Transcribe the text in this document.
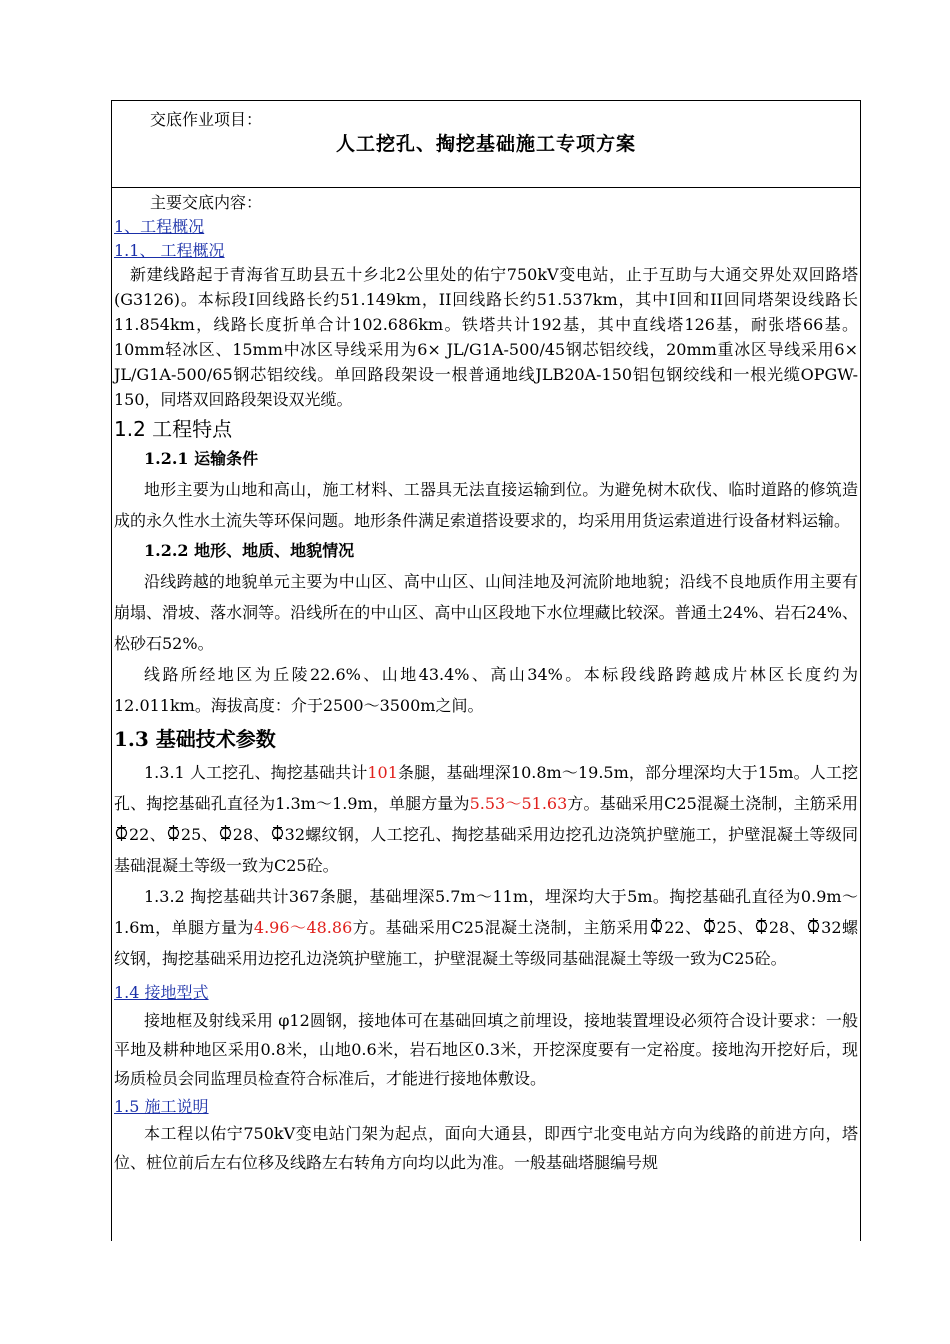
交底作业项目：
人工挖孔、掏挖基础施工专项方案
主要交底内容：
1、工程概况
1.1、 工程概况
新建线路起于青海省互助县五十乡北2公里处的佑宁750kV变电站，止于互助与大通交界处双回路塔(G3126)。本标段I回线路长约51.149km，II回线路长约51.537km，其中I回和II回同塔架设线路长11.854km，线路长度折单合计102.686km。铁塔共计192基，其中直线塔126基，耐张塔66基。10mm轻冰区、15mm中冰区导线采用为6× JL/G1A-500/45钢芯铝绞线，20mm重冰区导线采用6× JL/G1A-500/65钢芯铝绞线。单回路段架设一根普通地线JLB20A-150铝包钢绞线和一根光缆OPGW-150，同塔双回路段架设双光缆。
1.2 工程特点
1.2.1 运输条件
地形主要为山地和高山，施工材料、工器具无法直接运输到位。为避免树木砍伐、临时道路的修筑造成的永久性水土流失等环保问题。地形条件满足索道搭设要求的，均采用用货运索道进行设备材料运输。
1.2.2 地形、地质、地貌情况
沿线跨越的地貌单元主要为中山区、高中山区、山间洼地及河流阶地地貌；沿线不良地质作用主要有崩塌、滑坡、落水洞等。沿线所在的中山区、高中山区段地下水位埋藏比较深。普通土24%、岩石24%、松砂石52%。
线路所经地区为丘陵22.6%、山地43.4%、高山34%。本标段线路跨越成片林区长度约为12.011km。海拔高度：介于2500～3500m之间。
1.3 基础技术参数
1.3.1 人工挖孔、掏挖基础共计101条腿，基础埋深10.8m～19.5m，部分埋深均大于15m。人工挖孔、掏挖基础孔直径为1.3m～1.9m，单腿方量为5.53～51.63方。基础采用C25混凝土浇制，主筋采用
22、 25、 28、 32螺纹钢，人工挖孔、掏挖基础采用边挖孔边浇筑护壁施工，护壁混凝土等级同基础混凝土等级一致为C25砼。
1.3.2 掏挖基础共计367条腿，基础埋深5.7m～11m，埋深均大于5m。掏挖基础孔直径为0.9m～1.6m，单腿方量为4.96～48.86方。基础采用C25混凝土浇制，主筋采用 22、 25、 28、 32螺纹钢，掏挖基础采用边挖孔边浇筑护壁施工，护壁混凝土等级同基础混凝土等级一致为C25砼。
1.4 接地型式
接地框及射线采用 φ12圆钢，接地体可在基础回填之前埋设，接地装置埋设必须符合设计要求：一般平地及耕种地区采用0.8米，山地0.6米，岩石地区0.3米，开挖深度要有一定裕度。接地沟开挖好后，现场质检员会同监理员检查符合标准后，才能进行接地体敷设。
1.5 施工说明
本工程以佑宁750kV变电站门架为起点，面向大通县，即西宁北变电站方向为线路的前进方向，塔位、桩位前后左右位移及线路左右转角方向均以此为准。一般基础塔腿编号规
